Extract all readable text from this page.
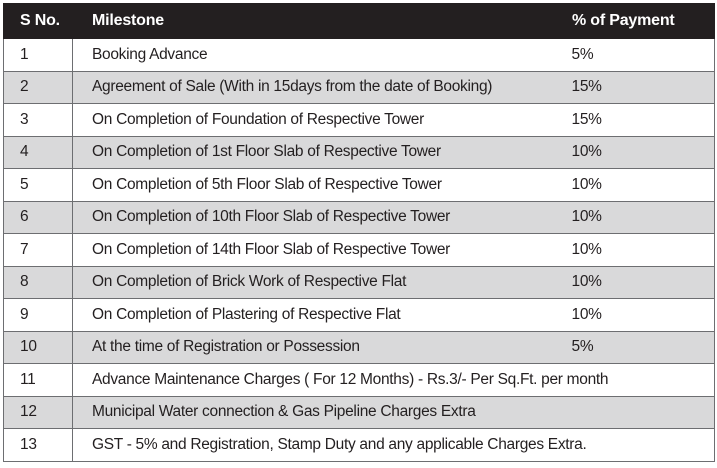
S No.	Milestone	% of Payment
1	Booking Advance	5%
2	Agreement of Sale (With in 15days from the date of Booking)	15%
3	On Completion of Foundation of Respective Tower	15%
4	On Completion of 1st Floor Slab of Respective Tower	10%
5	On Completion of 5th Floor Slab of Respective Tower	10%
6	On Completion of 10th Floor Slab of Respective Tower	10%
7	On Completion of 14th Floor Slab of Respective Tower	10%
8	On Completion of Brick Work of Respective Flat	10%
9	On Completion of Plastering of Respective Flat	10%
10	At the time of Registration or Possession	5%
11	Advance Maintenance Charges ( For 12 Months) - Rs.3/- Per Sq.Ft. per month	
12	Municipal Water connection & Gas Pipeline Charges Extra	
13	GST - 5% and Registration, Stamp Duty and any applicable Charges Extra.	
